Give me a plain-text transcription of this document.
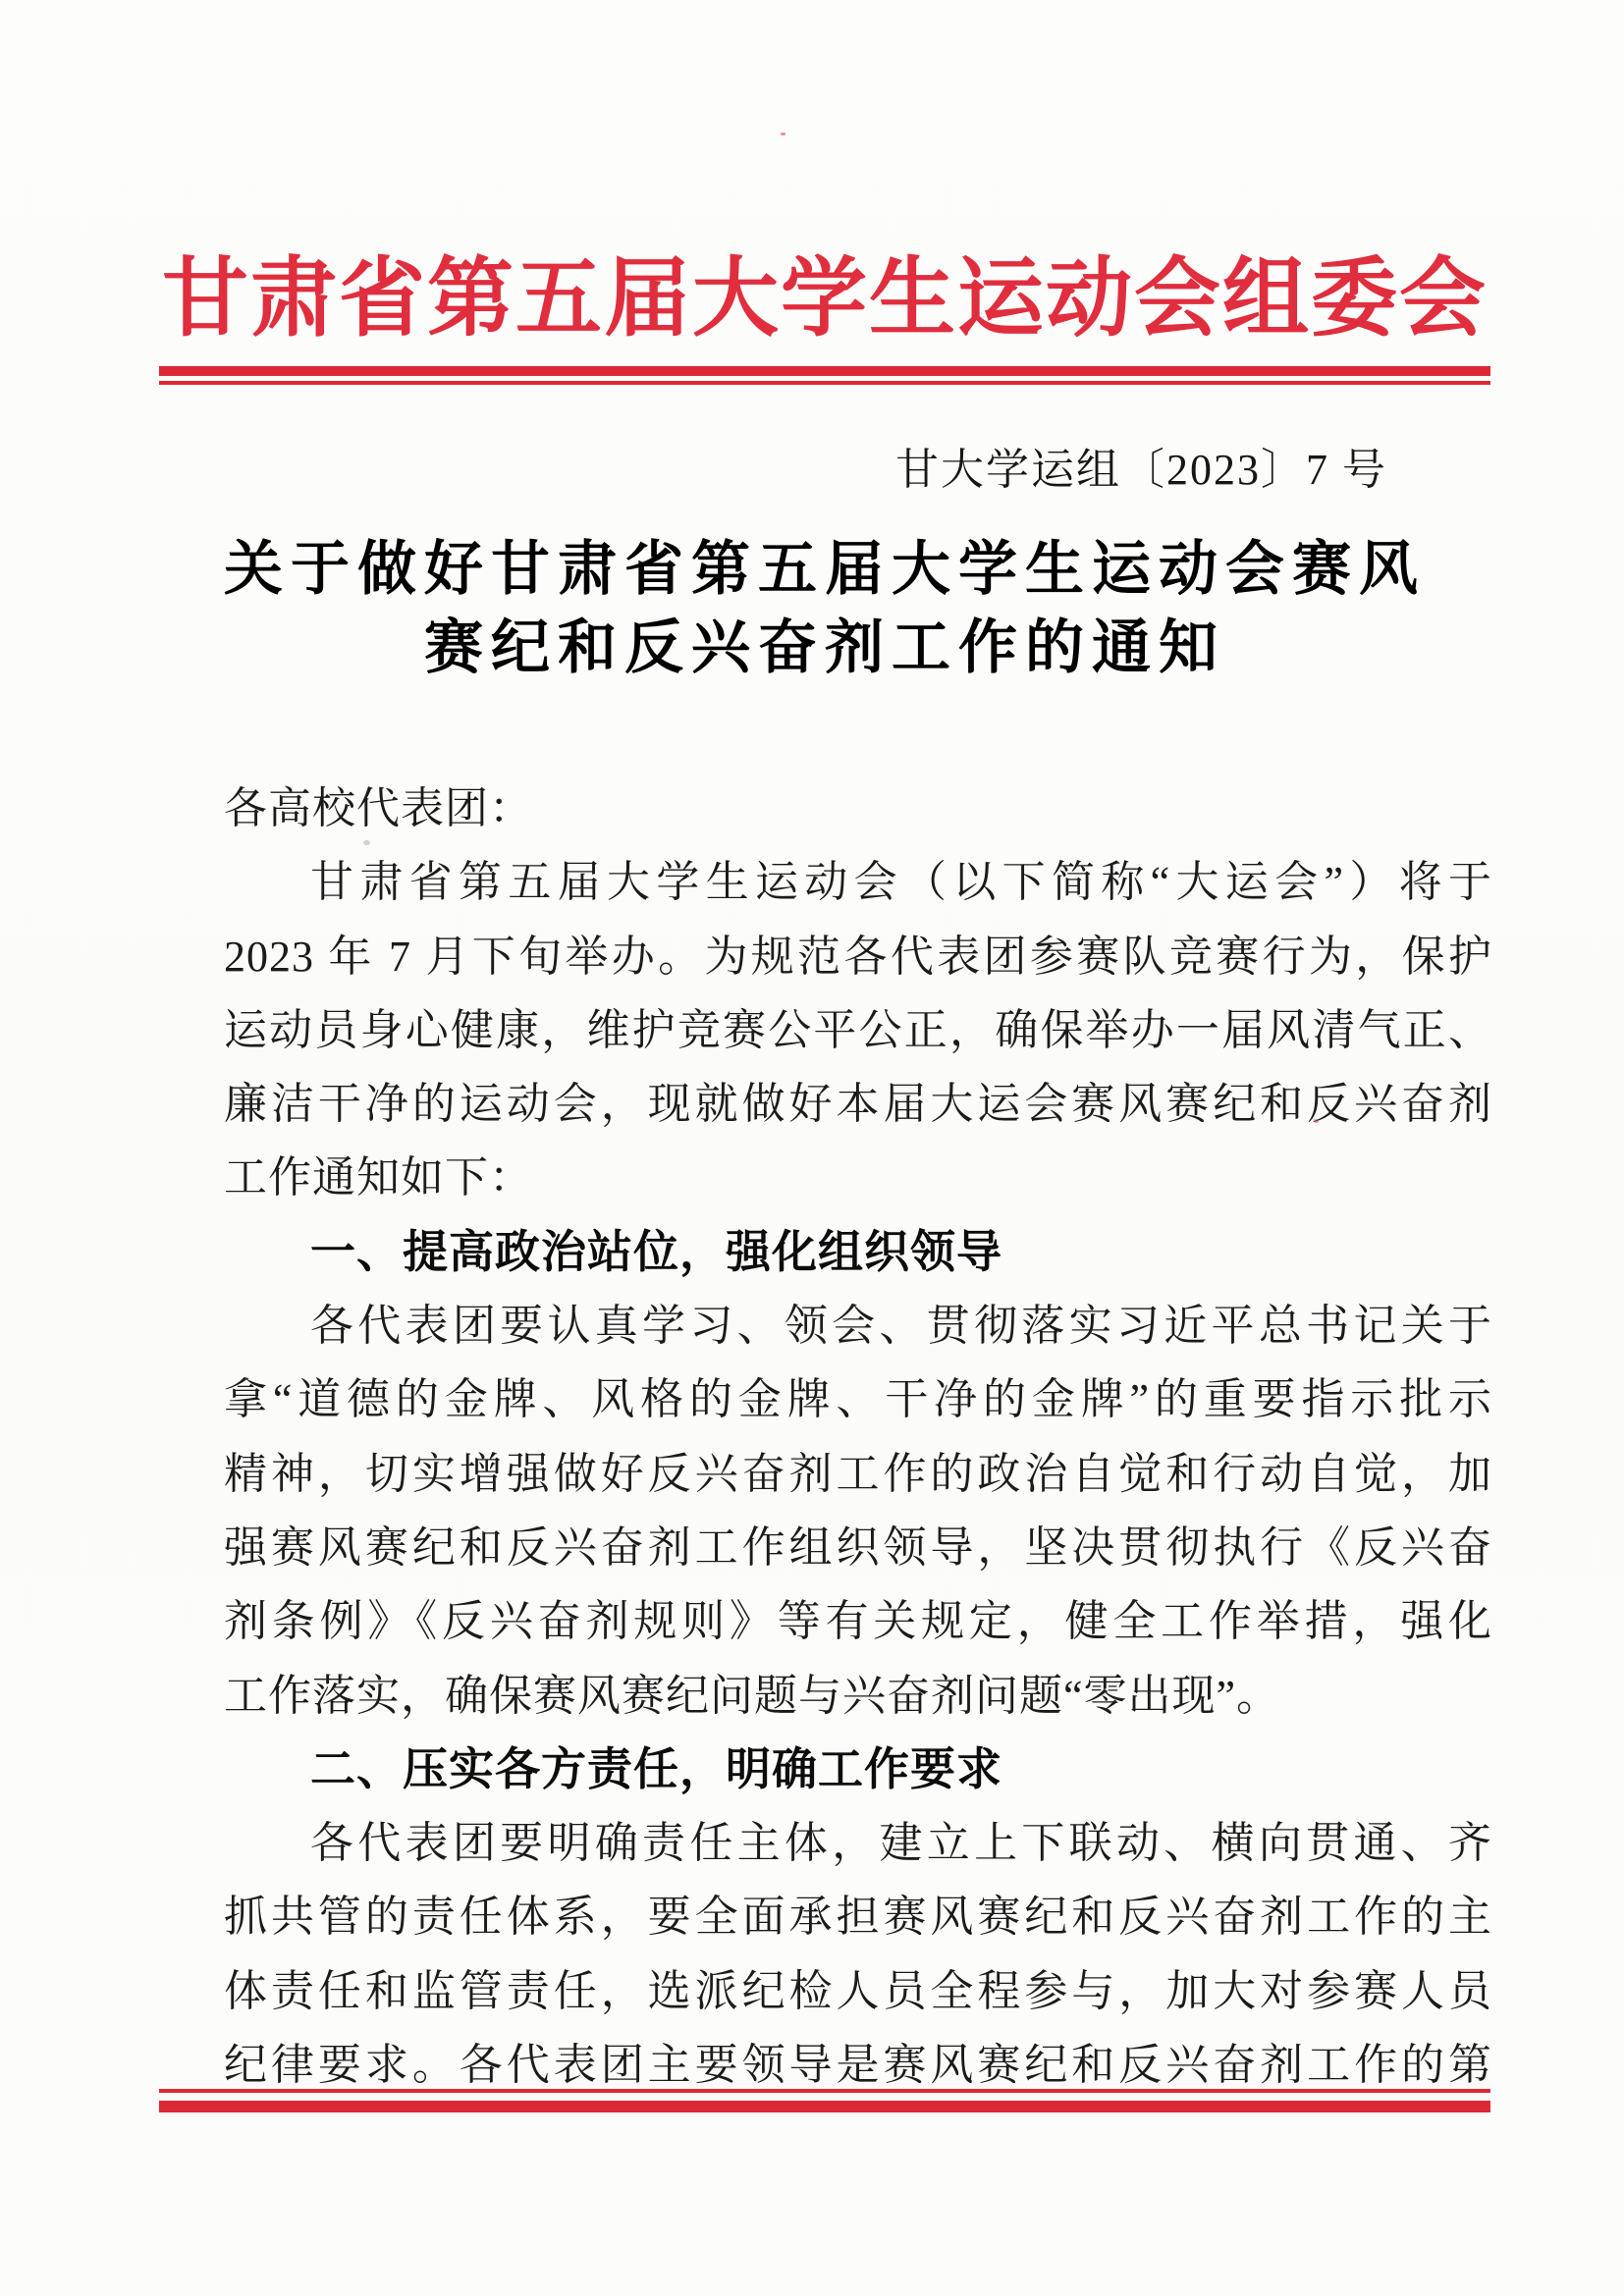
甘肃省第五届大学生运动会组委会
甘大学运组〔2023〕7 号
关于做好甘肃省第五届大学生运动会赛风
赛纪和反兴奋剂工作的通知
各高校代表团：
甘肃省第五届大学生运动会（以下简称“大运会”）将于
2023 年 7 月下旬举办。为规范各代表团参赛队竞赛行为，保护
运动员身心健康，维护竞赛公平公正，确保举办一届风清气正、
廉洁干净的运动会，现就做好本届大运会赛风赛纪和反兴奋剂
工作通知如下：
一、提高政治站位，强化组织领导
各代表团要认真学习、领会、贯彻落实习近平总书记关于
拿“道德的金牌、风格的金牌、干净的金牌”的重要指示批示
精神，切实增强做好反兴奋剂工作的政治自觉和行动自觉，加
强赛风赛纪和反兴奋剂工作组织领导，坚决贯彻执行《反兴奋
剂条例》《反兴奋剂规则》等有关规定，健全工作举措，强化
工作落实，确保赛风赛纪问题与兴奋剂问题“零出现”。
二、压实各方责任，明确工作要求
各代表团要明确责任主体，建立上下联动、横向贯通、齐
抓共管的责任体系，要全面承担赛风赛纪和反兴奋剂工作的主
体责任和监管责任，选派纪检人员全程参与，加大对参赛人员
纪律要求。各代表团主要领导是赛风赛纪和反兴奋剂工作的第
